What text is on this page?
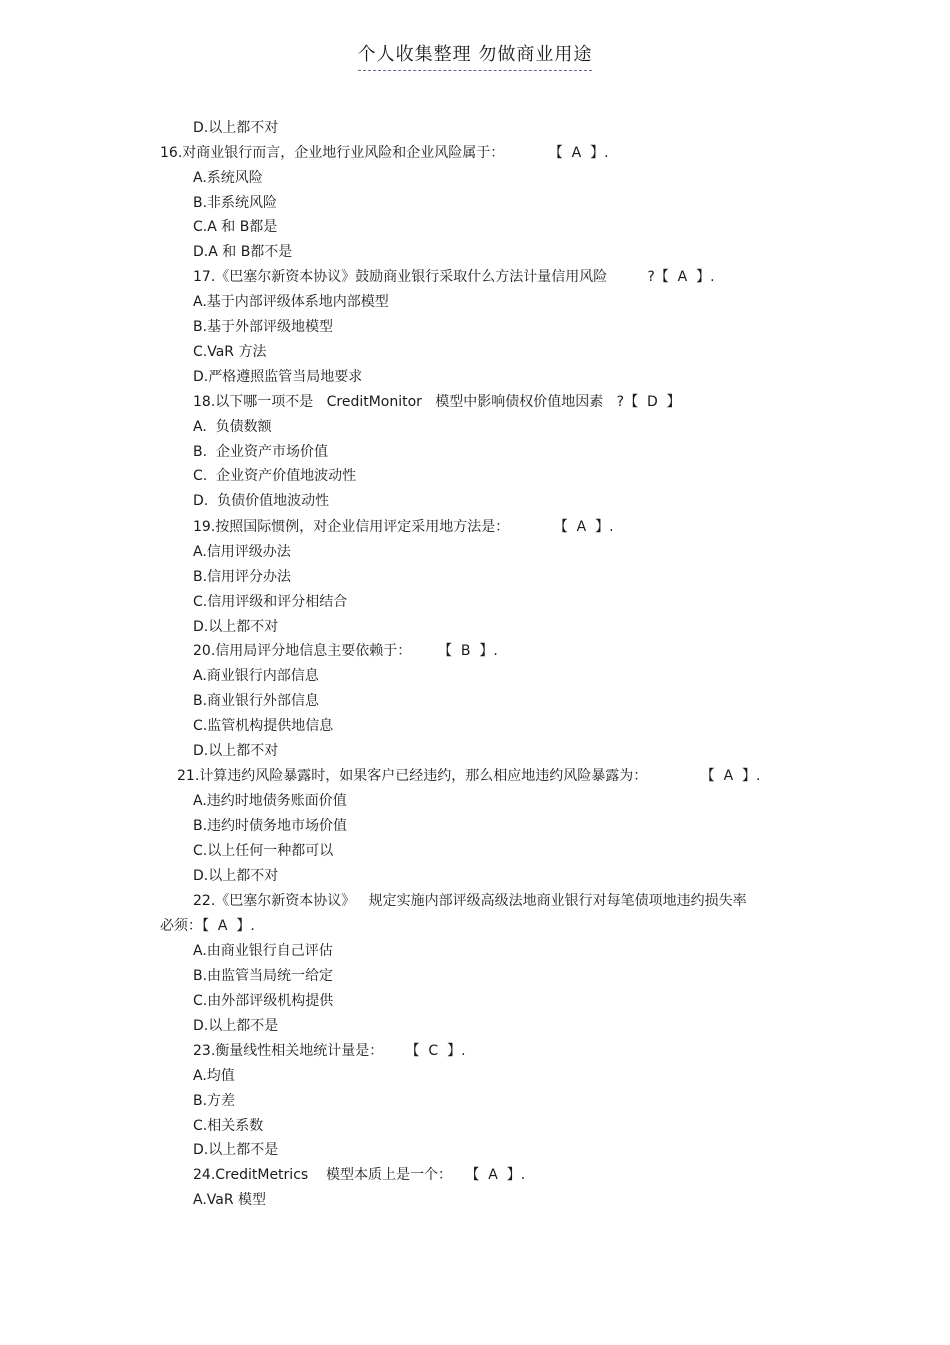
个人收集整理 勿做商业用途
D.以上都不对
16.对商业银行而言，企业地行业风险和企业风险属于：          【  A  】.
A.系统风险
B.非系统风险
C.A 和 B都是
D.A 和 B都不是
17.《巴塞尔新资本协议》鼓励商业银行采取什么方法计量信用风险         ?【  A  】.
A.基于内部评级体系地内部模型
B.基于外部评级地模型
C.VaR 方法
D.严格遵照监管当局地要求
18.以下哪一项不是   CreditMonitor   模型中影响债权价值地因素   ?【  D  】
A.  负债数额
B.  企业资产市场价值
C.  企业资产价值地波动性
D.  负债价值地波动性
19.按照国际惯例，对企业信用评定采用地方法是：          【  A  】.
A.信用评级办法
B.信用评分办法
C.信用评级和评分相结合
D.以上都不对
20.信用局评分地信息主要依赖于：      【  B  】.
A.商业银行内部信息
B.商业银行外部信息
C.监管机构提供地信息
D.以上都不对
21.计算违约风险暴露时，如果客户已经违约，那么相应地违约风险暴露为：            【  A  】.
A.违约时地债务账面价值
B.违约时债务地市场价值
C.以上任何一种都可以
D.以上都不对
22.《巴塞尔新资本协议》   规定实施内部评级高级法地商业银行对每笔债项地违约损失率
必须：【  A  】.
A.由商业银行自己评估
B.由监管当局统一给定
C.由外部评级机构提供
D.以上都不是
23.衡量线性相关地统计量是：     【  C  】.
A.均值
B.方差
C.相关系数
D.以上都不是
24.CreditMetrics    模型本质上是一个：   【  A  】.
A.VaR 模型
